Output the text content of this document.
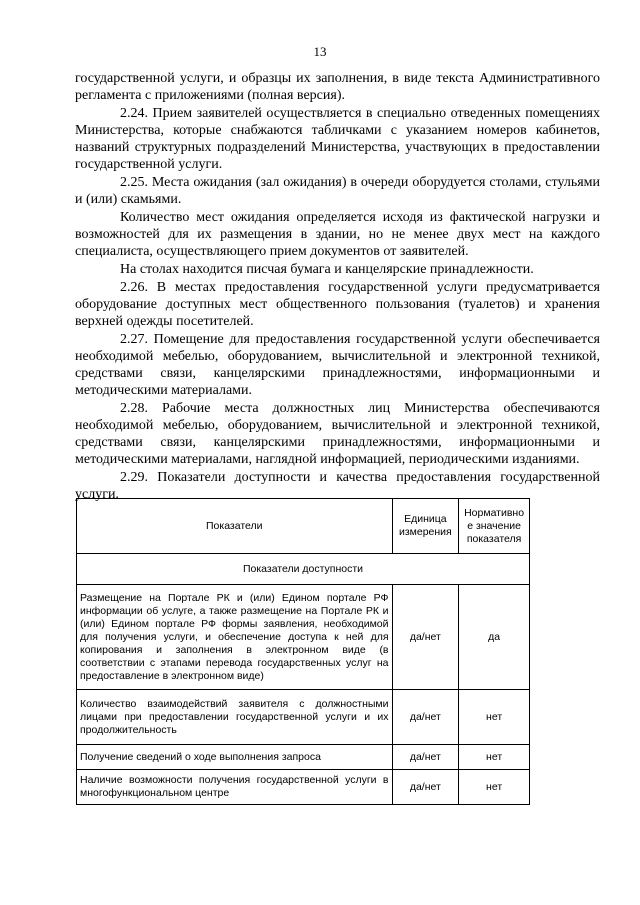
13

государственной услуги, и образцы их заполнения, в виде текста Административного регламента с приложениями (полная версия).

2.24. Прием заявителей осуществляется в специально отведенных помещениях Министерства, которые снабжаются табличками с указанием номеров кабинетов, названий структурных подразделений Министерства, участвующих в предоставлении государственной услуги.

2.25. Места ожидания (зал ожидания) в очереди оборудуется столами, стульями и (или) скамьями.

Количество мест ожидания определяется исходя из фактической нагрузки и возможностей для их размещения в здании, но не менее двух мест на каждого специалиста, осуществляющего прием документов от заявителей.

На столах находится писчая бумага и канцелярские принадлежности.

2.26. В местах предоставления государственной услуги предусматривается оборудование доступных мест общественного пользования (туалетов) и хранения верхней одежды посетителей.

2.27. Помещение для предоставления государственной услуги обеспечивается необходимой мебелью, оборудованием, вычислительной и электронной техникой, средствами связи, канцелярскими принадлежностями, информационными и методическими материалами.

2.28. Рабочие места должностных лиц Министерства обеспечиваются необходимой мебелью, оборудованием, вычислительной и электронной техникой, средствами связи, канцелярскими принадлежностями, информационными и методическими материалами, наглядной информацией, периодическими изданиями.

2.29. Показатели доступности и качества предоставления государственной услуги.

Показатели	Единица измерения	Нормативно е значение показателя
Показатели доступности		
Размещение на Портале РК и (или) Едином портале РФ информации об услуге, а также размещение на Портале РК и (или) Едином портале РФ формы заявления, необходимой для получения услуги, и обеспечение доступа к ней для копирования и заполнения в электронном виде (в соответствии с этапами перевода государственных услуг на предоставление в электронном виде)	да/нет	да
Количество взаимодействий заявителя с должностными лицами при предоставлении государственной услуги и их продолжительность	да/нет	нет
Получение сведений о ходе выполнения запроса	да/нет	нет
Наличие возможности получения государственной услуги в многофункциональном центре	да/нет	нет
